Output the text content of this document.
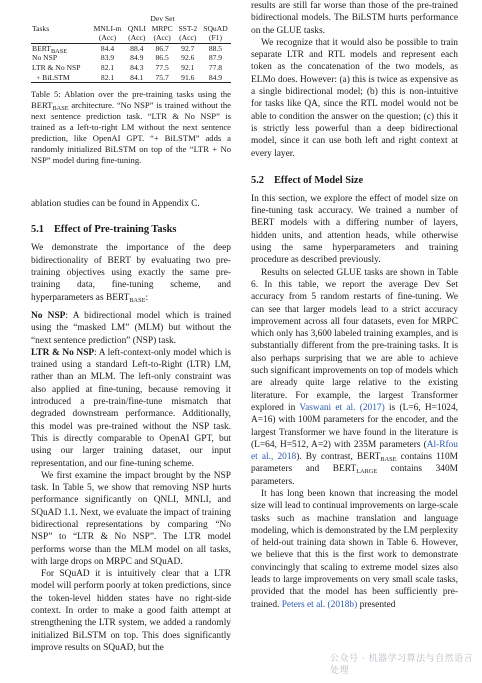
		Dev Set			
Tasks	MNLI-m	QNLI	MRPC	SST-2	SQuAD
	(Acc)	(Acc)	(Acc)	(Acc)	(F1)
$BERT_{BASE}$	84.4	88.4	86.7	92.7	88.5
No NSP	83.9	84.9	86.5	92.6	87.9
LTR & No NSP	82.1	84.3	77.5	92.1	77.8
+ BiLSTM	82.1	84.1	75.7	91.6	84.9

Table 5: Ablation over the pre-training tasks using the $BERT_{BASE}$ architecture. “No NSP” is trained without the next sentence prediction task. “LTR & No NSP” is trained as a left-to-right LM without the next sentence prediction, like OpenAI GPT. “+ BiLSTM” adds a randomly initialized BiLSTM on top of the “LTR + No NSP” model during fine-tuning.

ablation studies can be found in Appendix C.

5.1 Effect of Pre-training Tasks

We demonstrate the importance of the deep bidirectionality of BERT by evaluating two pre-training objectives using exactly the same pre-training data, fine-tuning scheme, and hyperparameters as $BERT_{BASE}$:

No NSP: A bidirectional model which is trained using the “masked LM” (MLM) but without the “next sentence prediction” (NSP) task.

LTR & No NSP: A left-context-only model which is trained using a standard Left-to-Right (LTR) LM, rather than an MLM. The left-only constraint was also applied at fine-tuning, because removing it introduced a pre-train/fine-tune mismatch that degraded downstream performance. Additionally, this model was pre-trained without the NSP task. This is directly comparable to OpenAI GPT, but using our larger training dataset, our input representation, and our fine-tuning scheme.

We first examine the impact brought by the NSP task. In Table 5, we show that removing NSP hurts performance significantly on QNLI, MNLI, and SQuAD 1.1. Next, we evaluate the impact of training bidirectional representations by comparing “No NSP” to “LTR & No NSP”. The LTR model performs worse than the MLM model on all tasks, with large drops on MRPC and SQuAD.

For SQuAD it is intuitively clear that a LTR model will perform poorly at token predictions, since the token-level hidden states have no right-side context. In order to make a good faith attempt at strengthening the LTR system, we added a randomly initialized BiLSTM on top. This does significantly improve results on SQuAD, but the

results are still far worse than those of the pre-trained bidirectional models. The BiLSTM hurts performance on the GLUE tasks.

We recognize that it would also be possible to train separate LTR and RTL models and represent each token as the concatenation of the two models, as ELMo does. However: (a) this is twice as expensive as a single bidirectional model; (b) this is non-intuitive for tasks like QA, since the RTL model would not be able to condition the answer on the question; (c) this it is strictly less powerful than a deep bidirectional model, since it can use both left and right context at every layer.

5.2 Effect of Model Size

In this section, we explore the effect of model size on fine-tuning task accuracy. We trained a number of BERT models with a differing number of layers, hidden units, and attention heads, while otherwise using the same hyperparameters and training procedure as described previously.

Results on selected GLUE tasks are shown in Table 6. In this table, we report the average Dev Set accuracy from 5 random restarts of fine-tuning. We can see that larger models lead to a strict accuracy improvement across all four datasets, even for MRPC which only has 3,600 labeled training examples, and is substantially different from the pre-training tasks. It is also perhaps surprising that we are able to achieve such significant improvements on top of models which are already quite large relative to the existing literature. For example, the largest Transformer explored in Vaswani et al. (2017) is (L=6, H=1024, A=16) with 100M parameters for the encoder, and the largest Transformer we have found in the literature is (L=64, H=512, A=2) with 235M parameters (Al-Rfou et al., 2018). By contrast, $BERT_{BASE}$ contains 110M parameters and $BERT_{LARGE}$ contains 340M parameters.

It has long been known that increasing the model size will lead to continual improvements on large-scale tasks such as machine translation and language modeling, which is demonstrated by the LM perplexity of held-out training data shown in Table 6. However, we believe that this is the first work to demonstrate convincingly that scaling to extreme model sizes also leads to large improvements on very small scale tasks, provided that the model has been sufficiently pre-trained. Peters et al. (2018b) presented

公众号 · 机器学习算法与自然语言处理
